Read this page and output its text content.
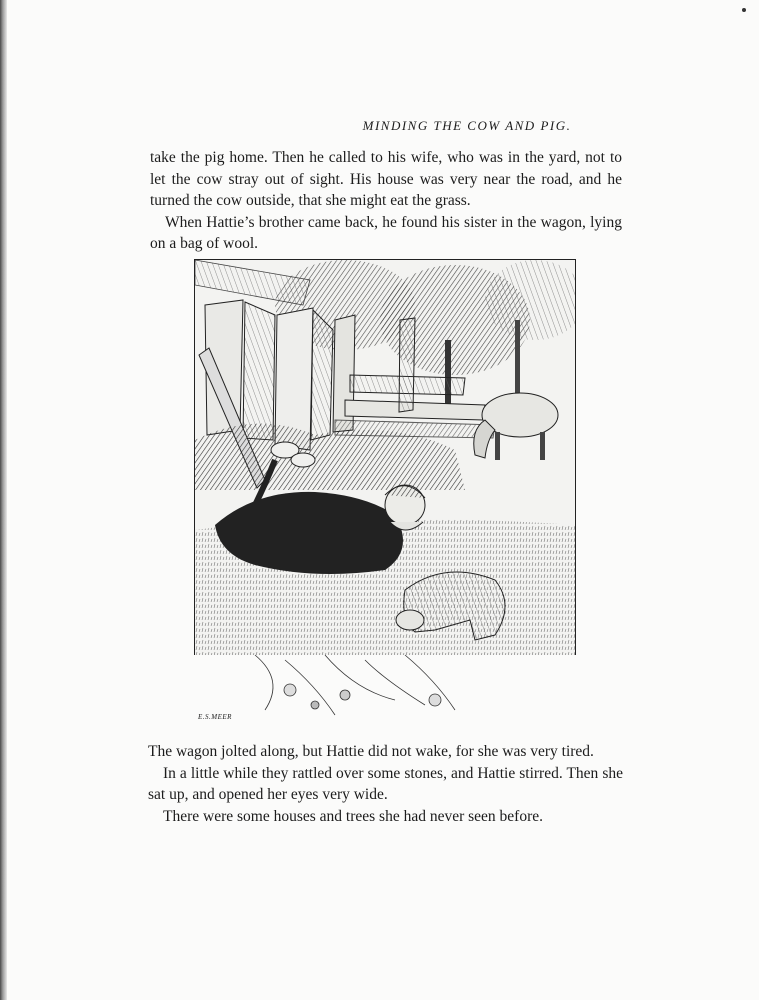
MINDING THE COW AND PIG.

take the pig home. Then he called to his wife, who was in the yard, not to let the cow stray out of sight. His house was very near the road, and he turned the cow outside, that she might eat the grass.

When Hattie’s brother came back, he found his sister in the wagon, lying on a bag of wool.

E.S.MEER

The wagon jolted along, but Hattie did not wake, for she was very tired.

In a little while they rattled over some stones, and Hattie stirred. Then she sat up, and opened her eyes very wide.

There were some houses and trees she had never seen before.
